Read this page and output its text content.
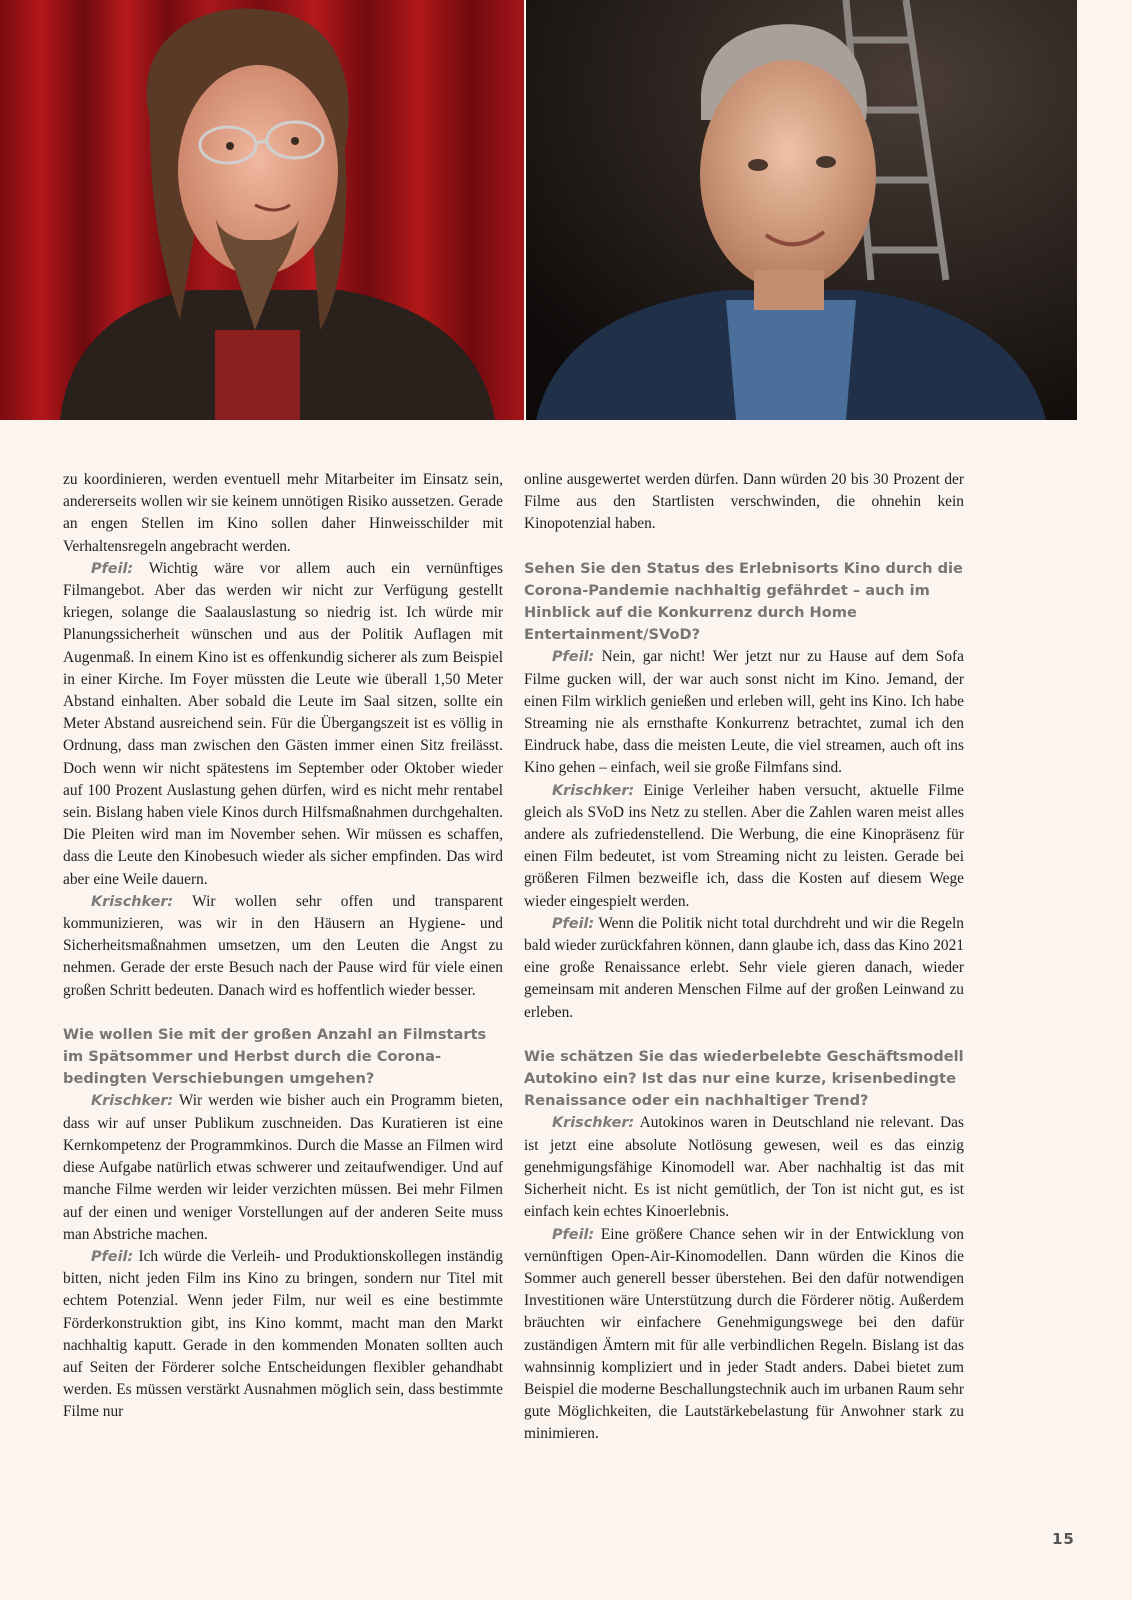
zu koordinieren, werden eventuell mehr Mitarbeiter im Einsatz sein, andererseits wollen wir sie keinem unnötigen Risiko aussetzen. Gerade an engen Stellen im Kino sollen daher Hinweisschilder mit Verhaltensregeln angebracht werden.

Pfeil: Wichtig wäre vor allem auch ein vernünftiges Filmangebot. Aber das werden wir nicht zur Verfügung gestellt kriegen, solange die Saalauslastung so niedrig ist. Ich würde mir Planungssicherheit wünschen und aus der Politik Auflagen mit Augenmaß. In einem Kino ist es offenkundig sicherer als zum Beispiel in einer Kirche. Im Foyer müssten die Leute wie überall 1,50 Meter Abstand einhalten. Aber sobald die Leute im Saal sitzen, sollte ein Meter Abstand ausreichend sein. Für die Übergangszeit ist es völlig in Ordnung, dass man zwischen den Gästen immer einen Sitz freilässt. Doch wenn wir nicht spätestens im September oder Oktober wieder auf 100 Prozent Auslastung gehen dürfen, wird es nicht mehr rentabel sein. Bislang haben viele Kinos durch Hilfsmaßnahmen durchgehalten. Die Pleiten wird man im November sehen. Wir müssen es schaffen, dass die Leute den Kinobesuch wieder als sicher empfinden. Das wird aber eine Weile dauern.

Krischker: Wir wollen sehr offen und transparent kommunizieren, was wir in den Häusern an Hygiene- und Sicherheitsmaßnahmen umsetzen, um den Leuten die Angst zu nehmen. Gerade der erste Besuch nach der Pause wird für viele einen großen Schritt bedeuten. Danach wird es hoffentlich wieder besser.

Wie wollen Sie mit der großen Anzahl an Filmstarts im Spätsommer und Herbst durch die Corona-bedingten Verschiebungen umgehen?

Krischker: Wir werden wie bisher auch ein Programm bieten, dass wir auf unser Publikum zuschneiden. Das Kuratieren ist eine Kernkompetenz der Programmkinos. Durch die Masse an Filmen wird diese Aufgabe natürlich etwas schwerer und zeitaufwendiger. Und auf manche Filme werden wir leider verzichten müssen. Bei mehr Filmen auf der einen und weniger Vorstellungen auf der anderen Seite muss man Abstriche machen.

Pfeil: Ich würde die Verleih- und Produktionskollegen inständig bitten, nicht jeden Film ins Kino zu bringen, sondern nur Titel mit echtem Potenzial. Wenn jeder Film, nur weil es eine bestimmte Förderkonstruktion gibt, ins Kino kommt, macht man den Markt nachhaltig kaputt. Gerade in den kommenden Monaten sollten auch auf Seiten der Förderer solche Entscheidungen flexibler gehandhabt werden. Es müssen verstärkt Ausnahmen möglich sein, dass bestimmte Filme nur

online ausgewertet werden dürfen. Dann würden 20 bis 30 Prozent der Filme aus den Startlisten verschwinden, die ohnehin kein Kinopotenzial haben.

Sehen Sie den Status des Erlebnisorts Kino durch die Corona-Pandemie nachhaltig gefährdet – auch im Hinblick auf die Konkurrenz durch Home Entertainment/SVoD?

Pfeil: Nein, gar nicht! Wer jetzt nur zu Hause auf dem Sofa Filme gucken will, der war auch sonst nicht im Kino. Jemand, der einen Film wirklich genießen und erleben will, geht ins Kino. Ich habe Streaming nie als ernsthafte Konkurrenz betrachtet, zumal ich den Eindruck habe, dass die meisten Leute, die viel streamen, auch oft ins Kino gehen – einfach, weil sie große Filmfans sind.

Krischker: Einige Verleiher haben versucht, aktuelle Filme gleich als SVoD ins Netz zu stellen. Aber die Zahlen waren meist alles andere als zufriedenstellend. Die Werbung, die eine Kinopräsenz für einen Film bedeutet, ist vom Streaming nicht zu leisten. Gerade bei größeren Filmen bezweifle ich, dass die Kosten auf diesem Wege wieder eingespielt werden.

Pfeil: Wenn die Politik nicht total durchdreht und wir die Regeln bald wieder zurückfahren können, dann glaube ich, dass das Kino 2021 eine große Renaissance erlebt. Sehr viele gieren danach, wieder gemeinsam mit anderen Menschen Filme auf der großen Leinwand zu erleben.

Wie schätzen Sie das wiederbelebte Geschäftsmodell Autokino ein? Ist das nur eine kurze, krisenbedingte Renaissance oder ein nachhaltiger Trend?

Krischker: Autokinos waren in Deutschland nie relevant. Das ist jetzt eine absolute Notlösung gewesen, weil es das einzig genehmigungsfähige Kinomodell war. Aber nachhaltig ist das mit Sicherheit nicht. Es ist nicht gemütlich, der Ton ist nicht gut, es ist einfach kein echtes Kinoerlebnis.

Pfeil: Eine größere Chance sehen wir in der Entwicklung von vernünftigen Open-Air-Kinomodellen. Dann würden die Kinos die Sommer auch generell besser überstehen. Bei den dafür notwendigen Investitionen wäre Unterstützung durch die Förderer nötig. Außerdem bräuchten wir einfachere Genehmigungswege bei den dafür zuständigen Ämtern mit für alle verbindlichen Regeln. Bislang ist das wahnsinnig kompliziert und in jeder Stadt anders. Dabei bietet zum Beispiel die moderne Beschallungstechnik auch im urbanen Raum sehr gute Möglichkeiten, die Lautstärkebelastung für Anwohner stark zu minimieren.

15
